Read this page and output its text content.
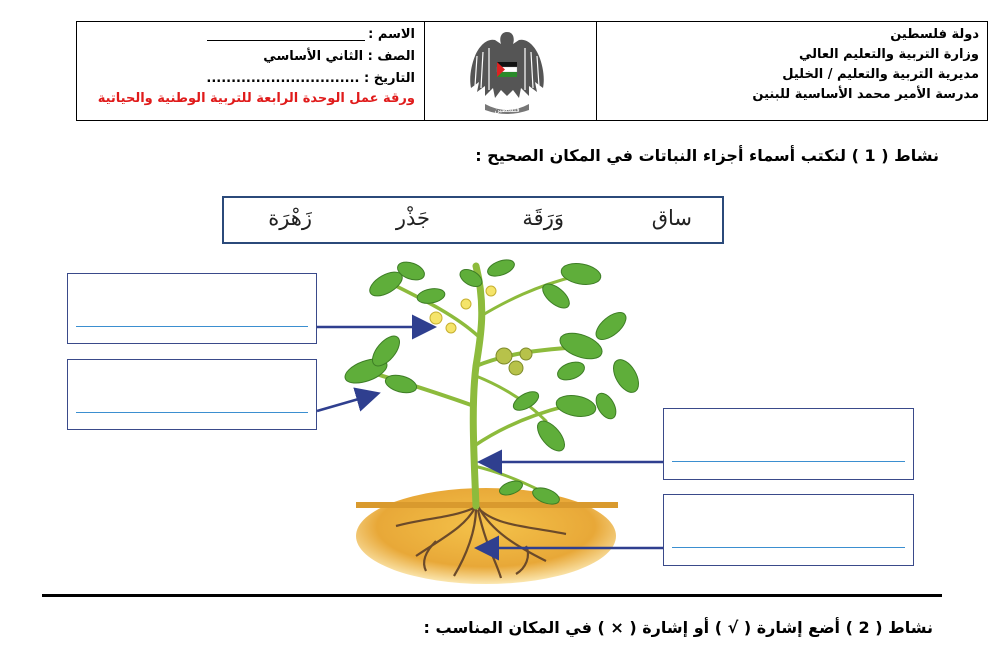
دولة فلسطين
وزارة التربية والتعليم العالي
مديرية التربية والتعليم / الخليل
مدرسة الأمير محمد الأساسية للبنين
فلسطين
الاسم :
الصف : الثاني الأساسي
التاريخ : ...............................
ورقة عمل الوحدة الرابعة للتربية الوطنية والحياتية
نشاط ( 1 ) لنكتب أسماء أجزاء النباتات في المكان الصحيح :
ساق
وَرَقَة
جَذْر
زَهْرَة
نشاط ( 2 ) أضع إشارة ( √ ) أو إشارة ( × ) في المكان المناسب :
